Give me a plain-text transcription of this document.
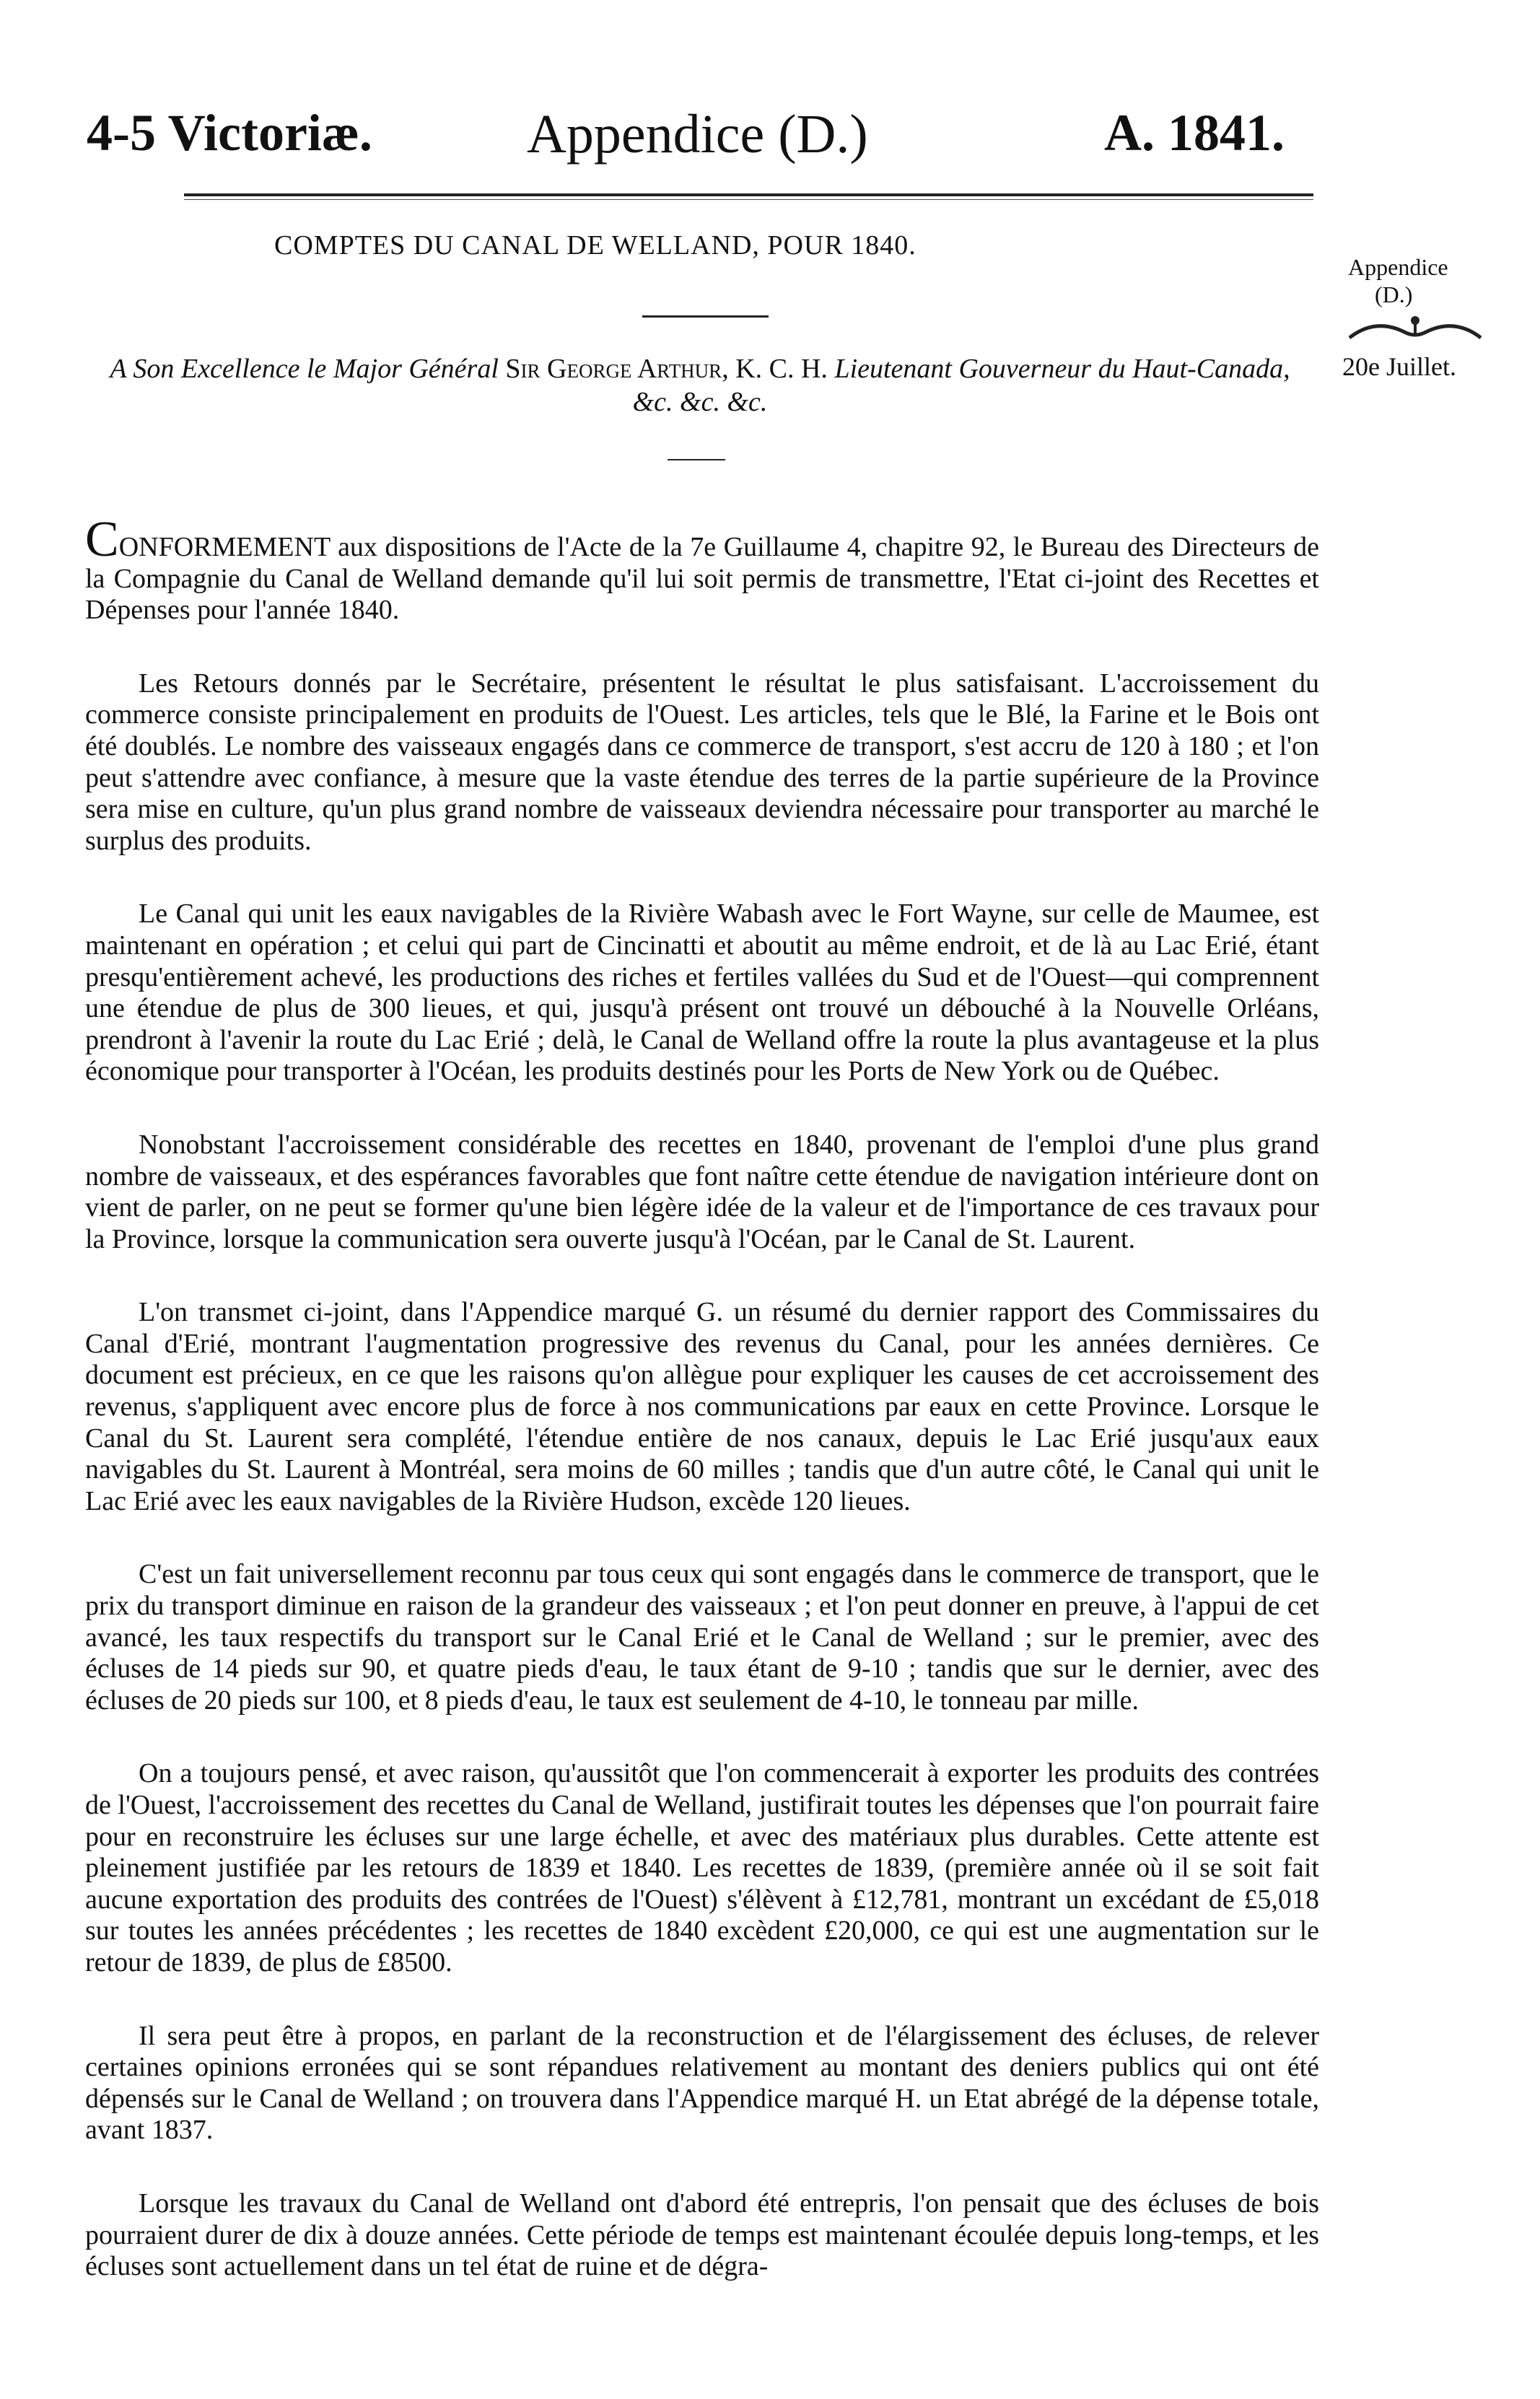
4-5 Victoriæ.	Appendice (D.)	A. 1841.
COMPTES DU CANAL DE WELLAND, POUR 1840.
Appendice
(D.)
20e Juillet.
A Son Excellence le Major Général Sir George Arthur, K. C. H. Lieutenant Gouverneur du Haut-Canada, &c. &c. &c.

CONFORMEMENT aux dispositions de l'Acte de la 7e Guillaume 4, chapitre 92, le Bureau des Directeurs de la Compagnie du Canal de Welland demande qu'il lui soit permis de transmettre, l'Etat ci-joint des Recettes et Dépenses pour l'année 1840.

Les Retours donnés par le Secrétaire, présentent le résultat le plus satisfaisant. L'accroissement du commerce consiste principalement en produits de l'Ouest. Les articles, tels que le Blé, la Farine et le Bois ont été doublés. Le nombre des vaisseaux engagés dans ce commerce de transport, s'est accru de 120 à 180 ; et l'on peut s'attendre avec confiance, à mesure que la vaste étendue des terres de la partie supérieure de la Province sera mise en culture, qu'un plus grand nombre de vaisseaux deviendra nécessaire pour transporter au marché le surplus des produits.

Le Canal qui unit les eaux navigables de la Rivière Wabash avec le Fort Wayne, sur celle de Maumee, est maintenant en opération ; et celui qui part de Cincinatti et aboutit au même endroit, et de là au Lac Erié, étant presqu'entièrement achevé, les productions des riches et fertiles vallées du Sud et de l'Ouest—qui comprennent une étendue de plus de 300 lieues, et qui, jusqu'à présent ont trouvé un débouché à la Nouvelle Orléans, prendront à l'avenir la route du Lac Erié ; delà, le Canal de Welland offre la route la plus avantageuse et la plus économique pour transporter à l'Océan, les produits destinés pour les Ports de New York ou de Québec.

Nonobstant l'accroissement considérable des recettes en 1840, provenant de l'emploi d'une plus grand nombre de vaisseaux, et des espérances favorables que font naître cette étendue de navigation intérieure dont on vient de parler, on ne peut se former qu'une bien légère idée de la valeur et de l'importance de ces travaux pour la Province, lorsque la communication sera ouverte jusqu'à l'Océan, par le Canal de St. Laurent.

L'on transmet ci-joint, dans l'Appendice marqué G. un résumé du dernier rapport des Commissaires du Canal d'Erié, montrant l'augmentation progressive des revenus du Canal, pour les années dernières. Ce document est précieux, en ce que les raisons qu'on allègue pour expliquer les causes de cet accroissement des revenus, s'appliquent avec encore plus de force à nos communications par eaux en cette Province. Lorsque le Canal du St. Laurent sera complété, l'étendue entière de nos canaux, depuis le Lac Erié jusqu'aux eaux navigables du St. Laurent à Montréal, sera moins de 60 milles ; tandis que d'un autre côté, le Canal qui unit le Lac Erié avec les eaux navigables de la Rivière Hudson, excède 120 lieues.

C'est un fait universellement reconnu par tous ceux qui sont engagés dans le commerce de transport, que le prix du transport diminue en raison de la grandeur des vaisseaux ; et l'on peut donner en preuve, à l'appui de cet avancé, les taux respectifs du transport sur le Canal Erié et le Canal de Welland ; sur le premier, avec des écluses de 14 pieds sur 90, et quatre pieds d'eau, le taux étant de 9-10 ; tandis que sur le dernier, avec des écluses de 20 pieds sur 100, et 8 pieds d'eau, le taux est seulement de 4-10, le tonneau par mille.

On a toujours pensé, et avec raison, qu'aussitôt que l'on commencerait à exporter les produits des contrées de l'Ouest, l'accroissement des recettes du Canal de Welland, justifirait toutes les dépenses que l'on pourrait faire pour en reconstruire les écluses sur une large échelle, et avec des matériaux plus durables. Cette attente est pleinement justifiée par les retours de 1839 et 1840. Les recettes de 1839, (première année où il se soit fait aucune exportation des produits des contrées de l'Ouest) s'élèvent à £12,781, montrant un excédant de £5,018 sur toutes les années précédentes ; les recettes de 1840 excèdent £20,000, ce qui est une augmentation sur le retour de 1839, de plus de £8500.

Il sera peut être à propos, en parlant de la reconstruction et de l'élargissement des écluses, de relever certaines opinions erronées qui se sont répandues relativement au montant des deniers publics qui ont été dépensés sur le Canal de Welland ; on trouvera dans l'Appendice marqué H. un Etat abrégé de la dépense totale, avant 1837.

Lorsque les travaux du Canal de Welland ont d'abord été entrepris, l'on pensait que des écluses de bois pourraient durer de dix à douze années. Cette période de temps est maintenant écoulée depuis long-temps, et les écluses sont actuellement dans un tel état de ruine et de dégra-
